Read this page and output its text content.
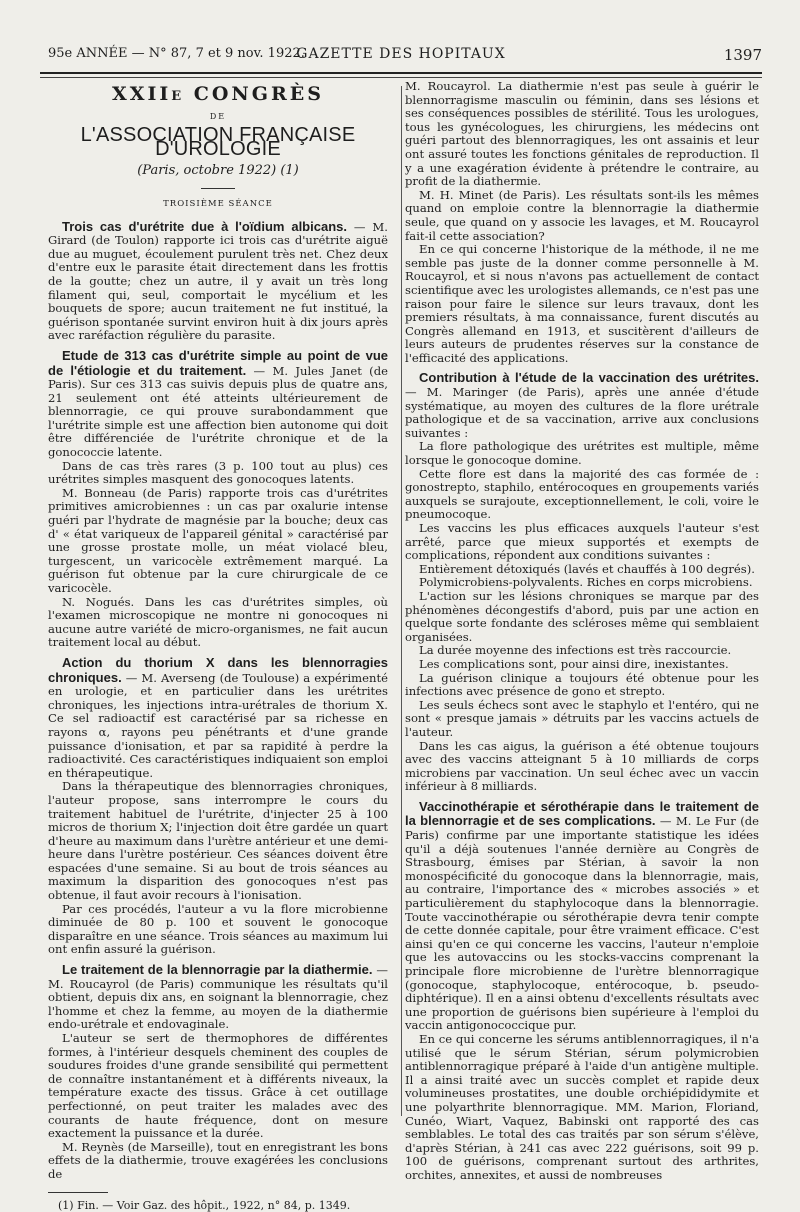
95e ANNÉE — N° 87, 7 et 9 nov. 1922.
GAZETTE DES HOPITAUX	1397
XXIIe CONGRÈS
DE
L'ASSOCIATION FRANÇAISE D'UROLOGIE
(Paris, octobre 1922) (1)
TROISIÈME SÉANCE

Trois cas d'urétrite due à l'oïdium albicans. — M. Girard (de Toulon) rapporte ici trois cas d'urétrite aiguë due au muguet, écoulement purulent très net. Chez deux d'entre eux le parasite était directement dans les frottis de la goutte; chez un autre, il y avait un très long filament qui, seul, comportait le mycélium et les bouquets de spore; aucun traitement ne fut institué, la guérison spontanée survint environ huit à dix jours après avec raréfaction régulière du parasite.

Etude de 313 cas d'urétrite simple au point de vue de l'étiologie et du traitement. — M. Jules Janet (de Paris). Sur ces 313 cas suivis depuis plus de quatre ans, 21 seulement ont été atteints ultérieurement de blennorragie, ce qui prouve surabondamment que l'urétrite simple est une affection bien autonome qui doit être différenciée de l'urétrite chronique et de la gonococcie latente.

Dans de cas très rares (3 p. 100 tout au plus) ces urétrites simples masquent des gonocoques latents.

M. Bonneau (de Paris) rapporte trois cas d'urétrites primitives amicrobiennes : un cas par oxalurie intense guéri par l'hydrate de magnésie par la bouche; deux cas d' « état variqueux de l'appareil génital » caractérisé par une grosse prostate molle, un méat violacé bleu, turgescent, un varicocèle extrêmement marqué. La guérison fut obtenue par la cure chirurgicale de ce varicocèle.

N. Nogués. Dans les cas d'urétrites simples, où l'examen microscopique ne montre ni gonocoques ni aucune autre variété de micro-organismes, ne fait aucun traitement local au début.

Action du thorium X dans les blennorragies chroniques. — M. Averseng (de Toulouse) a expérimenté en urologie, et en particulier dans les urétrites chroniques, les injections intra-urétrales de thorium X. Ce sel radioactif est caractérisé par sa richesse en rayons α, rayons peu pénétrants et d'une grande puissance d'ionisation, et par sa rapidité à perdre la radioactivité. Ces caractéristiques indiquaient son emploi en thérapeutique.

Dans la thérapeutique des blennorragies chroniques, l'auteur propose, sans interrompre le cours du traitement habituel de l'urétrite, d'injecter 25 à 100 micros de thorium X; l'injection doit être gardée un quart d'heure au maximum dans l'urètre antérieur et une demi-heure dans l'urètre postérieur. Ces séances doivent être espacées d'une semaine. Si au bout de trois séances au maximum la disparition des gonocoques n'est pas obtenue, il faut avoir recours à l'ionisation.

Par ces procédés, l'auteur a vu la flore microbienne diminuée de 80 p. 100 et souvent le gonocoque disparaître en une séance. Trois séances au maximum lui ont enfin assuré la guérison.

Le traitement de la blennorragie par la diathermie. — M. Roucayrol (de Paris) communique les résultats qu'il obtient, depuis dix ans, en soignant la blennorragie, chez l'homme et chez la femme, au moyen de la diathermie endo-urétrale et endovaginale.

L'auteur se sert de thermophores de différentes formes, à l'intérieur desquels cheminent des couples de soudures froides d'une grande sensibilité qui permettent de connaître instantanément et à différents niveaux, la température exacte des tissus. Grâce à cet outillage perfectionné, on peut traiter les malades avec des courants de haute fréquence, dont on mesure exactement la puissance et la durée.

M. Reynès (de Marseille), tout en enregistrant les bons effets de la diathermie, trouve exagérées les conclusions de

(1) Fin. — Voir Gaz. des hôpit., 1922, n° 84, p. 1349.

M. Roucayrol. La diathermie n'est pas seule à guérir le blennorragisme masculin ou féminin, dans ses lésions et ses conséquences possibles de stérilité. Tous les urologues, tous les gynécologues, les chirurgiens, les médecins ont guéri partout des blennorragiques, les ont assainis et leur ont assuré toutes les fonctions génitales de reproduction. Il y a une exagération évidente à prétendre le contraire, au profit de la diathermie.

M. H. Minet (de Paris). Les résultats sont-ils les mêmes quand on emploie contre la blennorragie la diathermie seule, que quand on y associe les lavages, et M. Roucayrol fait-il cette association?

En ce qui concerne l'historique de la méthode, il ne me semble pas juste de la donner comme personnelle à M. Roucayrol, et si nous n'avons pas actuellement de contact scientifique avec les urologistes allemands, ce n'est pas une raison pour faire le silence sur leurs travaux, dont les premiers résultats, à ma connaissance, furent discutés au Congrès allemand en 1913, et suscitèrent d'ailleurs de leurs auteurs de prudentes réserves sur la constance de l'efficacité des applications.

Contribution à l'étude de la vaccination des urétrites. — M. Maringer (de Paris), après une année d'étude systématique, au moyen des cultures de la flore urétrale pathologique et de sa vaccination, arrive aux conclusions suivantes :

La flore pathologique des urétrites est multiple, même lorsque le gonocoque domine.

Cette flore est dans la majorité des cas formée de : gonostrepto, staphilo, entérocoques en groupements variés auxquels se surajoute, exceptionnellement, le coli, voire le pneumocoque.

Les vaccins les plus efficaces auxquels l'auteur s'est arrêté, parce que mieux supportés et exempts de complications, répondent aux conditions suivantes :

Entièrement détoxiqués (lavés et chauffés à 100 degrés).

Polymicrobiens-polyvalents. Riches en corps microbiens.

L'action sur les lésions chroniques se marque par des phénomènes décongestifs d'abord, puis par une action en quelque sorte fondante des scléroses même qui semblaient organisées.

La durée moyenne des infections est très raccourcie.

Les complications sont, pour ainsi dire, inexistantes.

La guérison clinique a toujours été obtenue pour les infections avec présence de gono et strepto.

Les seuls échecs sont avec le staphylo et l'entéro, qui ne sont « presque jamais » détruits par les vaccins actuels de l'auteur.

Dans les cas aigus, la guérison a été obtenue toujours avec des vaccins atteignant 5 à 10 milliards de corps microbiens par vaccination. Un seul échec avec un vaccin inférieur à 8 milliards.

Vaccinothérapie et sérothérapie dans le traitement de la blennorragie et de ses complications. — M. Le Fur (de Paris) confirme par une importante statistique les idées qu'il a déjà soutenues l'année dernière au Congrès de Strasbourg, émises par Stérian, à savoir la non monospécificité du gonocoque dans la blennorragie, mais, au contraire, l'importance des « microbes associés » et particulièrement du staphylocoque dans la blennorragie. Toute vaccinothérapie ou sérothérapie devra tenir compte de cette donnée capitale, pour être vraiment efficace. C'est ainsi qu'en ce qui concerne les vaccins, l'auteur n'emploie que les autovaccins ou les stocks-vaccins comprenant la principale flore microbienne de l'urètre blennorragique (gonocoque, staphylocoque, entérocoque, b. pseudo-diphtérique). Il en a ainsi obtenu d'excellents résultats avec une proportion de guérisons bien supérieure à l'emploi du vaccin antigonococcique pur.

En ce qui concerne les sérums antiblennorragiques, il n'a utilisé que le sérum Stérian, sérum polymicrobien antiblennorragique préparé à l'aide d'un antigène multiple. Il a ainsi traité avec un succès complet et rapide deux volumineuses prostatites, une double orchiépididymite et une polyarthrite blennorragique. MM. Marion, Floriand, Cunéo, Wiart, Vaquez, Babinski ont rapporté des cas semblables. Le total des cas traités par son sérum s'élève, d'après Stérian, à 241 cas avec 222 guérisons, soit 99 p. 100 de guérisons, comprenant surtout des arthrites, orchites, annexites, et aussi de nombreuses
